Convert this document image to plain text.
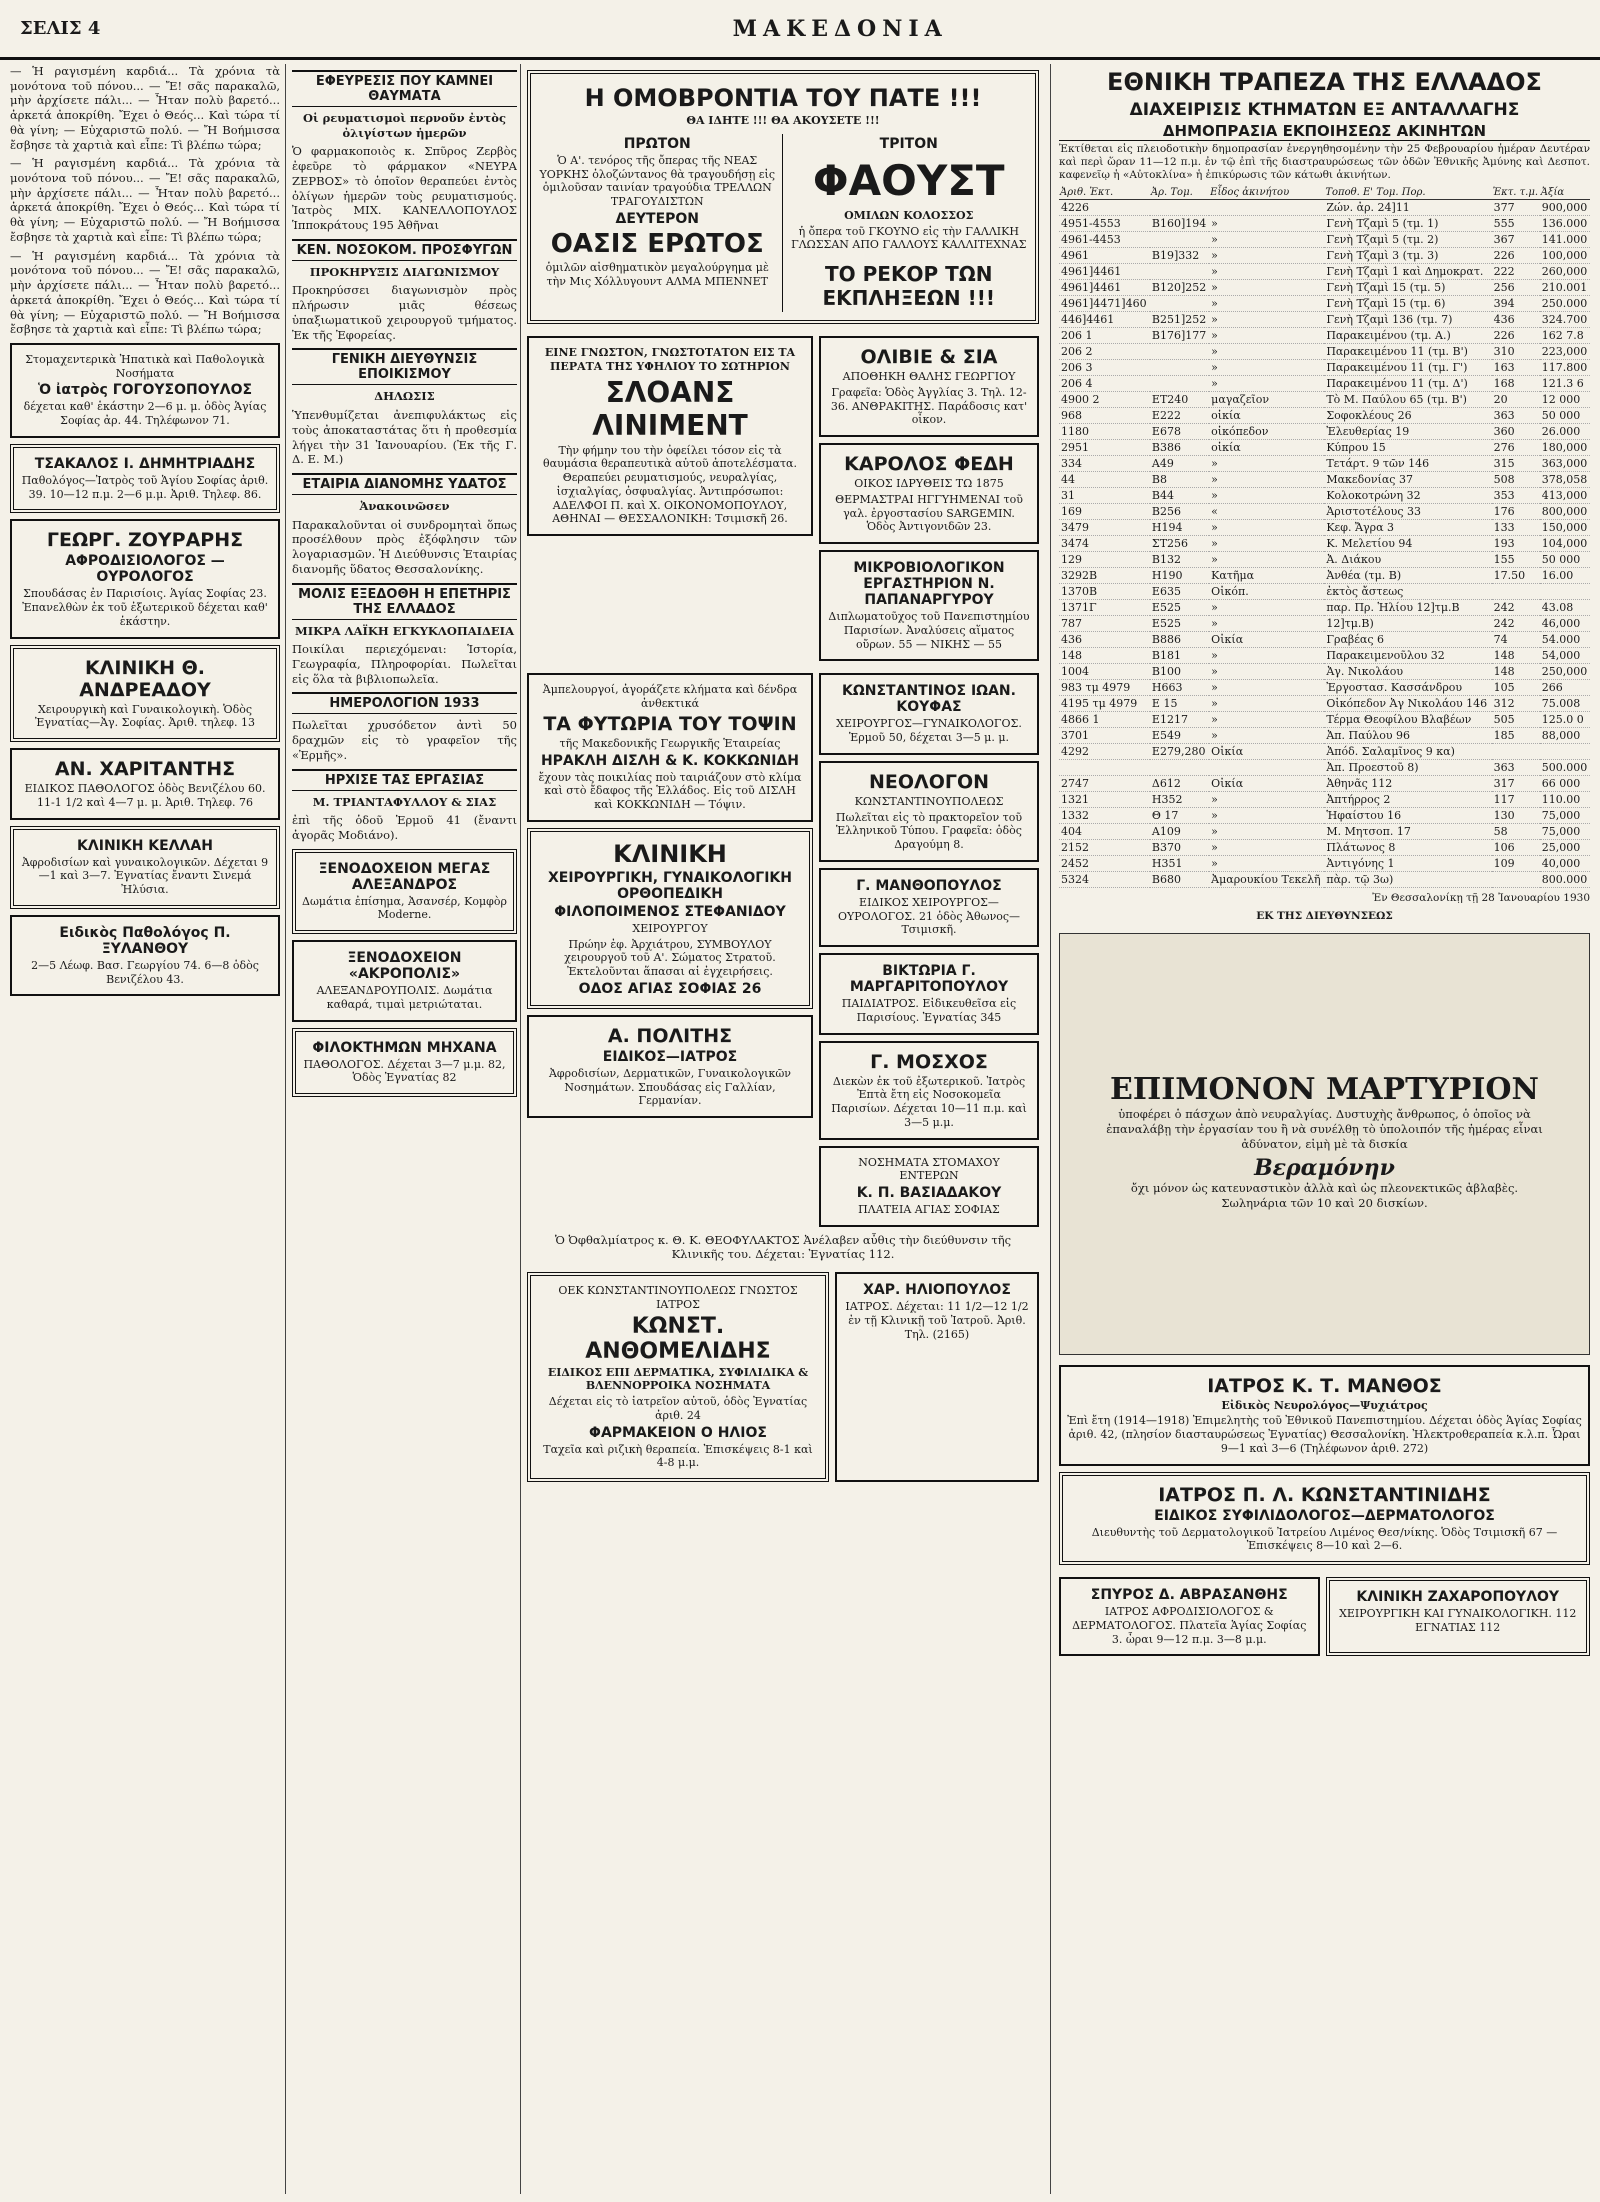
ΣΕΛΙΣ 4	ΜΑΚΕΔΟΝΙΑ

— Ἡ ραγισμένη καρδιά... Τὰ χρόνια τὰ μονότονα τοῦ πόνου... — Ἔ! σᾶς παρακαλῶ, μὴν ἀρχίσετε πάλι... — Ἦταν πολὺ βαρετό... ἀρκετά ἀποκρίθη. Ἔχει ὁ Θεός... Καὶ τώρα τί θὰ γίνη; — Εὐχαριστῶ πολύ. — Ἤ Βοήμισσα ἔσβησε τὰ χαρτιὰ καὶ εἶπε: Τὶ βλέπω τώρα;

— Ἡ ραγισμένη καρδιά... Τὰ χρόνια τὰ μονότονα τοῦ πόνου... — Ἔ! σᾶς παρακαλῶ, μὴν ἀρχίσετε πάλι... — Ἦταν πολὺ βαρετό... ἀρκετά ἀποκρίθη. Ἔχει ὁ Θεός... Καὶ τώρα τί θὰ γίνη; — Εὐχαριστῶ πολύ. — Ἤ Βοήμισσα ἔσβησε τὰ χαρτιὰ καὶ εἶπε: Τὶ βλέπω τώρα;

— Ἡ ραγισμένη καρδιά... Τὰ χρόνια τὰ μονότονα τοῦ πόνου... — Ἔ! σᾶς παρακαλῶ, μὴν ἀρχίσετε πάλι... — Ἦταν πολὺ βαρετό... ἀρκετά ἀποκρίθη. Ἔχει ὁ Θεός... Καὶ τώρα τί θὰ γίνη; — Εὐχαριστῶ πολύ. — Ἤ Βοήμισσα ἔσβησε τὰ χαρτιὰ καὶ εἶπε: Τὶ βλέπω τώρα;

Στομαχεντερικὰ Ἡπατικὰ καὶ Παθολογικὰ Νοσήματα

Ὁ ἰατρὸς ΓΟΓΟΥΣΟΠΟΥΛΟΣ

δέχεται καθ' ἑκάστην 2—6 μ. μ. ὁδὸς Ἁγίας Σοφίας ἀρ. 44. Τηλέφωνον 71.

ΤΣΑΚΑΛΟΣ Ι. ΔΗΜΗΤΡΙΑΔΗΣ

Παθολόγος—Ἰατρὸς τοῦ Ἁγίου Σοφίας ἀριθ. 39. 10—12 π.μ. 2—6 μ.μ. Ἀριθ. Τηλεφ. 86.

ΓΕΩΡΓ. ΖΟΥΡΑΡΗΣ
ΑΦΡΟΔΙΣΙΟΛΟΓΟΣ — ΟΥΡΟΛΟΓΟΣ

Σπουδάσας ἐν Παρισίοις. Ἁγίας Σοφίας 23. Ἐπανελθὼν ἐκ τοῦ ἐξωτερικοῦ δέχεται καθ' ἑκάστην.

ΚΛΙΝΙΚΗ Θ. ΑΝΔΡΕΑΔΟΥ

Χειρουργικὴ καὶ Γυναικολογικὴ. Ὁδὸς Ἐγνατίας—Ἀγ. Σοφίας. Ἀριθ. τηλεφ. 13

ΑΝ. ΧΑΡΙΤΑΝΤΗΣ

ΕΙΔΙΚΟΣ ΠΑΘΟΛΟΓΟΣ ὁδὸς Βενιζέλου 60. 11-1 1/2 καὶ 4—7 μ. μ. Ἀριθ. Τηλεφ. 76

ΚΛΙΝΙΚΗ ΚΕΛΛΑΗ

Ἀφροδισίων καὶ γυναικολογικῶν. Δέχεται 9—1 καὶ 3—7. Ἐγνατίας ἔναντι Σινεμά Ἠλύσια.

Ειδικὸς Παθολόγος Π. ΞΥΛΑΝΘΟΥ

2—5 Λέωφ. Βασ. Γεωργίου 74. 6—8 ὁδὸς Βενιζέλου 43.

ΕΦΕΥΡΕΣΙΣ ΠΟΥ ΚΑΜΝΕΙ ΘΑΥΜΑΤΑ

Οἱ ρευματισμοὶ περνοῦν ἐντὸς ὀλιγίστων ἡμερῶν

Ὁ φαρμακοποιὸς κ. Σπῦρος Ζερβὸς ἐφεῦρε τὸ φάρμακον «ΝΕΥΡΑ ΖΕΡΒΟΣ» τὸ ὁποῖον θεραπεύει ἐντὸς ὀλίγων ἡμερῶν τοὺς ρευματισμούς. Ἰατρὸς ΜΙΧ. ΚΑΝΕΛΛΟΠΟΥΛΟΣ Ἱπποκράτους 195 Ἀθῆναι

ΚΕΝ. ΝΟΣΟΚΟΜ. ΠΡΟΣΦΥΓΩΝ

ΠΡΟΚΗΡΥΞΙΣ ΔΙΑΓΩΝΙΣΜΟΥ

Προκηρύσσει διαγωνισμὸν πρὸς πλήρωσιν μιᾶς θέσεως ὑπαξιωματικοῦ χειρουργοῦ τμήματος. Ἐκ τῆς Ἐφορείας.

ΓΕΝΙΚΗ ΔΙΕΥΘΥΝΣΙΣ ΕΠΟΙΚΙΣΜΟΥ

ΔΗΛΩΣΙΣ

Ὑπενθυμίζεται ἀνεπιφυλάκτως εἰς τοὺς ἀποκαταστάτας ὅτι ἡ προθεσμία λήγει τὴν 31 Ἰανουαρίου. (Ἐκ τῆς Γ. Δ. Ε. Μ.)

ΕΤΑΙΡΙΑ ΔΙΑΝΟΜΗΣ ΥΔΑΤΟΣ

Ἀνακοινῶσεν

Παρακαλοῦνται οἱ συνδρομηταὶ ὅπως προσέλθουν πρὸς ἐξόφλησιν τῶν λογαριασμῶν. Ἡ Διεύθυνσις Ἑταιρίας διανομῆς ὕδατος Θεσσαλονίκης.

ΜΟΛΙΣ ΕΞΕΔΟΘΗ Η ΕΠΕΤΗΡΙΣ ΤΗΣ ΕΛΛΑΔΟΣ

ΜΙΚΡΑ ΛΑΪΚΗ ΕΓΚΥΚΛΟΠΑΙΔΕΙΑ

Ποικίλαι περιεχόμεναι: Ἱστορία, Γεωγραφία, Πληροφορίαι. Πωλεῖται εἰς ὅλα τὰ βιβλιοπωλεῖα.

ΗΜΕΡΟΛΟΓΙΟΝ 1933

Πωλεῖται χρυσόδετον ἀντὶ 50 δραχμῶν εἰς τὸ γραφεῖον τῆς «Ἐρμῆς».

ΗΡΧΙΣΕ ΤΑΣ ΕΡΓΑΣΙΑΣ

Μ. ΤΡΙΑΝΤΑΦΥΛΛΟΥ & ΣΙΑΣ

ἐπὶ τῆς ὁδοῦ Ἑρμοῦ 41 (ἔναντι ἀγορᾶς Μοδιάνο).

ΞΕΝΟΔΟΧΕΙΟΝ ΜΕΓΑΣ ΑΛΕΞΑΝΔΡΟΣ

Δωμάτια ἐπίσημα, Ἀσανσέρ, Κομφὸρ Moderne.

ΞΕΝΟΔΟΧΕΙΟΝ «ΑΚΡΟΠΟΛΙΣ»

ΑΛΕΞΑΝΔΡΟΥΠΟΛΙΣ. Δωμάτια καθαρά, τιμαὶ μετριώταται.

ΦΙΛΟΚΤΗΜΩΝ ΜΗΧΑΝΑ

ΠΑΘΟΛΟΓΟΣ. Δέχεται 3—7 μ.μ. 82, Ὁδὸς Ἐγνατίας 82

Η ΟΜΟΒΡΟΝΤΙΑ ΤΟΥ ΠΑΤΕ !!!

ΘΑ ΙΔΗΤΕ !!! ΘΑ ΑΚΟΥΣΕΤΕ !!!

ΠΡΩΤΟΝ

Ὁ Α'. τενόρος τῆς ὄπερας τῆς ΝΕΑΣ ΥΟΡΚΗΣ ὁλοζώντανος θὰ τραγουδήσῃ εἰς ὁμιλοῦσαν ταινίαν τραγούδια ΤΡΕΛΛΩΝ ΤΡΑΓΟΥΔΙΣΤΩΝ

ΔΕΥΤΕΡΟΝ
ΟΑΣΙΣ ΕΡΩΤΟΣ

ὁμιλῶν αἰσθηματικὸν μεγαλούργημα μὲ τὴν Μις Χόλλυγουντ ΑΛΜΑ ΜΠΕΝΝΕΤ

ΤΡΙΤΟΝ
ΦΑΟΥΣΤ

ΟΜΙΛΩΝ ΚΟΛΟΣΣΟΣ

ἡ ὄπερα τοῦ ΓΚΟΥΝΟ εἰς τὴν ΓΑΛΛΙΚΗ ΓΛΩΣΣΑΝ ΑΠΟ ΓΑΛΛΟΥΣ ΚΑΛΛΙΤΕΧΝΑΣ

ΤΟ ΡΕΚΟΡ ΤΩΝ ΕΚΠΛΗΞΕΩΝ !!!

ΕΙΝΕ ΓΝΩΣΤΟΝ, ΓΝΩΣΤΟΤΑΤΟΝ ΕΙΣ ΤΑ ΠΕΡΑΤΑ ΤΗΣ ΥΦΗΛΙΟΥ ΤΟ ΣΩΤΗΡΙΟΝ

ΣΛΟΑΝΣ ΛΙΝΙΜΕΝΤ

Τὴν φήμην του τὴν ὀφείλει τόσον εἰς τὰ θαυμάσια θεραπευτικὰ αὐτοῦ ἀποτελέσματα. Θεραπεύει ρευματισμούς, νευραλγίας, ἰσχιαλγίας, ὀσφυαλγίας. Ἀντιπρόσωποι: ΑΔΕΛΦΟΙ Π. καὶ Χ. ΟΙΚΟΝΟΜΟΠΟΥΛΟΥ, ΑΘΗΝΑΙ — ΘΕΣΣΑΛΟΝΙΚΗ: Τσιμισκῆ 26.

ΟΛΙΒΙΕ & ΣΙΑ

ΑΠΟΘΗΚΗ ΘΑΛΗΣ ΓΕΩΡΓΙΟΥ

Γραφεῖα: Ὁδὸς Ἀγγλίας 3. Τηλ. 12-36. ΑΝΘΡΑΚΙΤΗΣ. Παράδοσις κατ' οἶκον.

ΚΑΡΟΛΟΣ ΦΕΔΗ

ΟΙΚΟΣ ΙΔΡΥΘΕΙΣ ΤΩ 1875

ΘΕΡΜΑΣΤΡΑΙ ΗΓΓΥΗΜΕΝΑΙ τοῦ γαλ. ἐργοστασίου SARGEMIN. Ὁδὸς Ἀντιγονιδῶν 23.

ΜΙΚΡΟΒΙΟΛΟΓΙΚΟΝ ΕΡΓΑΣΤΗΡΙΟΝ Ν. ΠΑΠΑΝΑΡΓΥΡΟΥ

Διπλωματοῦχος τοῦ Πανεπιστημίου Παρισίων. Ἀναλύσεις αἵματος οὔρων. 55 — ΝΙΚΗΣ — 55

Ἀμπελουργοί, ἀγοράζετε κλήματα καὶ δένδρα ἀνθεκτικά

ΤΑ ΦΥΤΩΡΙΑ ΤΟΥ ΤΟΨΙΝ

τῆς Μακεδονικῆς Γεωργικῆς Ἑταιρείας

ΗΡΑΚΛΗ ΔΙΣΛΗ & Κ. ΚΟΚΚΩΝΙΔΗ

ἔχουν τὰς ποικιλίας ποὺ ταιριάζουν στὸ κλίμα καὶ στὸ ἔδαφος τῆς Ἑλλάδος. Εἰς τοῦ ΔΙΣΛΗ καὶ ΚΟΚΚΩΝΙΔΗ — Τόψιν.

ΚΛΙΝΙΚΗ
ΧΕΙΡΟΥΡΓΙΚΗ, ΓΥΝΑΙΚΟΛΟΓΙΚΗ ΟΡΘΟΠΕΔΙΚΗ
ΦΙΛΟΠΟΙΜΕΝΟΣ ΣΤΕΦΑΝΙΔΟΥ

ΧΕΙΡΟΥΡΓΟΥ

Πρώην ἐφ. Ἀρχιάτρου, ΣΥΜΒΟΥΛΟΥ χειρουργοῦ τοῦ Α'. Σώματος Στρατοῦ. Ἐκτελοῦνται ἅπασαι αἱ ἐγχειρήσεις.

ΟΔΟΣ ΑΓΙΑΣ ΣΟΦΙΑΣ 26
Α. ΠΟΛΙΤΗΣ
ΕΙΔΙΚΟΣ—ΙΑΤΡΟΣ

Ἀφροδισίων, Δερματικῶν, Γυναικολογικῶν Νοσημάτων. Σπουδάσας εἰς Γαλλίαν, Γερμανίαν.

ΚΩΝΣΤΑΝΤΙΝΟΣ ΙΩΑΝ. ΚΟΥΦΑΣ

ΧΕΙΡΟΥΡΓΟΣ—ΓΥΝΑΙΚΟΛΟΓΟΣ. Ἑρμοῦ 50, δέχεται 3—5 μ. μ.

ΝΕΟΛΟΓΟΝ

ΚΩΝΣΤΑΝΤΙΝΟΥΠΟΛΕΩΣ

Πωλεῖται εἰς τὸ πρακτορεῖον τοῦ Ἑλληνικοῦ Τύπου. Γραφεῖα: ὁδὸς Δραγούμη 8.

Γ. ΜΑΝΘΟΠΟΥΛΟΣ

ΕΙΔΙΚΟΣ ΧΕΙΡΟΥΡΓΟΣ—ΟΥΡΟΛΟΓΟΣ. 21 ὁδὸς Ἀθωνος—Τσιμισκῆ.

ΒΙΚΤΩΡΙΑ Γ. ΜΑΡΓΑΡΙΤΟΠΟΥΛΟΥ

ΠΑΙΔΙΑΤΡΟΣ. Εἰδικευθεῖσα εἰς Παρισίους. Ἐγνατίας 345

Γ. ΜΟΣΧΟΣ

Διεκὼν ἐκ τοῦ ἐξωτερικοῦ. Ἰατρὸς Ἐπτὰ ἔτη εἰς Νοσοκομεῖα Παρισίων. Δέχεται 10—11 π.μ. καὶ 3—5 μ.μ.

ΝΟΣΗΜΑΤΑ ΣΤΟΜΑΧΟΥ ΕΝΤΕΡΩΝ

Κ. Π. ΒΑΣΙΑΔΑΚΟΥ

ΠΛΑΤΕΙΑ ΑΓΙΑΣ ΣΟΦΙΑΣ

Ὁ Ὀφθαλμίατρος κ. Θ. Κ. ΘΕΟΦΥΛΑΚΤΟΣ Ἀνέλαβεν αὖθις τὴν διεύθυνσιν τῆς Κλινικῆς του. Δέχεται: Ἐγνατίας 112.

ΟΕΚ ΚΩΝΣΤΑΝΤΙΝΟΥΠΟΛΕΩΣ ΓΝΩΣΤΟΣ ΙΑΤΡΟΣ

ΚΩΝΣΤ. ΑΝΘΟΜΕΛΙΔΗΣ

ΕΙΔΙΚΟΣ ΕΠΙ ΔΕΡΜΑΤΙΚΑ, ΣΥΦΙΛΙΔΙΚΑ & ΒΛΕΝΝΟΡΡΟΙΚΑ ΝΟΣΗΜΑΤΑ

Δέχεται εἰς τὸ ἰατρεῖον αὐτοῦ, ὁδὸς Ἐγνατίας ἀριθ. 24

ΦΑΡΜΑΚΕΙΟΝ Ο ΗΛΙΟΣ

Ταχεῖα καὶ ριζικὴ θεραπεία. Ἐπισκέψεις 8-1 καὶ 4-8 μ.μ.

ΧΑΡ. ΗΛΙΟΠΟΥΛΟΣ

ΙΑΤΡΟΣ. Δέχεται: 11 1/2—12 1/2 ἐν τῇ Κλινικῇ τοῦ Ἰατροῦ. Ἀριθ. Τηλ. (2165)

ΕΘΝΙΚΗ ΤΡΑΠΕΖΑ ΤΗΣ ΕΛΛΑΔΟΣ
ΔΙΑΧΕΙΡΙΣΙΣ ΚΤΗΜΑΤΩΝ ΕΞ ΑΝΤΑΛΛΑΓΗΣ
ΔΗΜΟΠΡΑΣΙΑ ΕΚΠΟΙΗΣΕΩΣ ΑΚΙΝΗΤΩΝ

Ἐκτίθεται εἰς πλειοδοτικὴν δημοπρασίαν ἐνεργηθησομένην τὴν 25 Φεβρουαρίου ἡμέραν Δευτέραν καὶ περὶ ὥραν 11—12 π.μ. ἐν τῷ ἐπὶ τῆς διαστραυρώσεως τῶν ὁδῶν Ἐθνικῆς Ἀμύνης καὶ Δεσποτ. καφενεῖῳ ἡ «Αὐτοκλίνα» ἡ ἐπικύρωσις τῶν κάτωθι ἀκινήτων.

Ἀριθ. Ἐκτ.	Ἀρ. Τομ.	Εἶδος ἀκινήτου	Τοποθ. Ε' Τομ. Πορ.	Ἐκτ. τ.μ.	Ἀξία
4226			Ζών. ἀρ. 24]11	377	900,000
4951-4553	Β160]194	»	Γενὴ Τζαμὶ 5 (τμ. 1)	555	136.000
4961-4453		»	Γενὴ Τζαμὶ 5 (τμ. 2)	367	141.000
4961	Β19]332	»	Γενὴ Τζαμὶ 3 (τμ. 3)	226	100,000
4961]4461		»	Γενὴ Τζαμὶ 1 καὶ Δημοκρατ.	222	260,000
4961]4461	Β120]252	»	Γενὴ Τζαμὶ 15 (τμ. 5)	256	210.001
4961]4471]460		»	Γενὴ Τζαμὶ 15 (τμ. 6)	394	250.000
446]4461	Β251]252	»	Γενὴ Τζαμὶ 136 (τμ. 7)	436	324.700
206 1	Β176]177	»	Παρακειμένου (τμ. Α.)	226	162 7.8
206 2		»	Παρακειμένου 11 (τμ. Β')	310	223,000
206 3		»	Παρακειμένου 11 (τμ. Γ')	163	117.800
206 4		»	Παρακειμένου 11 (τμ. Δ')	168	121.3 6
4900 2	ΕΤ240	μαγαζεῖον	Τὸ Μ. Παύλου 65 (τμ. Β')	20	12 000
968	Ε222	οἰκία	Σοφοκλέους 26	363	50 000
1180	Ε678	οἰκόπεδον	Ἐλευθερίας 19	360	26.000
2951	Β386	οἰκία	Κύπρου 15	276	180,000
334	Α49	»	Τετάρτ. 9 τῶν 146	315	363,000
44	Β8	»	Μακεδονίας 37	508	378,058
31	Β44	»	Κολοκοτρώνη 32	353	413,000
169	Β256	«	Ἀριστοτέλους 33	176	800,000
3479	Η194	»	Κεφ. Ἄγρα 3	133	150,000
3474	ΣΤ256	»	Κ. Μελετίου 94	193	104,000
129	Β132	»	Ἀ. Διάκου	155	50 000
3292Β	Η190	Κατῆμα	Ἀνθέα (τμ. Β)	17.50	16.00
1370Β	Ε635	Οἰκόπ.	ἐκτὸς ἄστεως		
1371Γ	Ε525	»	παρ. Πρ. Ἡλίου 12]τμ.Β	242	43.08
787	Ε525	»	12]τμ.Β)	242	46,000
436	Β886	Οἰκία	Γραβέας 6	74	54.000
148	Β181	»	Παρακειμενοῦλου 32	148	54,000
1004	Β100	»	Ἀγ. Νικολάου	148	250,000
983 τμ 4979	Η663	»	Ἐργοστασ. Κασσάνδρου	105	266
4195 τμ 4979	Ε 15	»	Οἰκόπεδον Ἀγ Νικολάου 146	312	75.008
4866 1	Ε1217	»	Τέρμα Θεοφίλου Βλαβέων	505	125.0 0
3701	Ε549	»	Ἀπ. Παύλου 96	185	88,000
4292	Ε279,280	Οἰκία	Ἀπόδ. Σαλαμῖνος 9 κα)		
			Ἀπ. Προεστοῦ 8)	363	500.000
2747	Δ612	Οἰκία	Ἀθηνᾶς 112	317	66 000
1321	Η352	»	Ἀπτήρρος 2	117	110.00
1332	Θ 17	»	Ἡφαίστου 16	130	75,000
404	Α109	»	Μ. Μητσοπ. 17	58	75,000
2152	Β370	»	Πλάτωνος 8	106	25,000
2452	Η351	»	Ἀντιγόνης 1	109	40,000
5324	Β680	Ἀμαρουκίου Τεκελῆ	πὰρ. τῷ 3ω)		800.000

Ἐν Θεσσαλονίκῃ τῇ 28 Ἰανουαρίου 1930

ΕΚ ΤΗΣ ΔΙΕΥΘΥΝΣΕΩΣ

ΕΠΙΜΟΝΟΝ ΜΑΡΤΥΡΙΟΝ

ὑποφέρει ὁ πάσχων ἀπὸ νευραλγίας. Δυστυχὴς ἄνθρωπος, ὁ ὁποῖος νὰ ἐπαναλάβῃ τὴν ἐργασίαν του ἢ νὰ συνέλθῃ τὸ ὑπολοιπόν τῆς ἡμέρας εἶναι ἀδύνατον, εἰμὴ μὲ τὰ δισκία

Βεραμόνην

ὄχι μόνον ὡς κατευναστικὸν ἀλλὰ καὶ ὡς πλεονεκτικῶς ἀβλαβὲς. Σωληνάρια τῶν 10 καὶ 20 δισκίων.

ΙΑΤΡΟΣ Κ. Τ. ΜΑΝΘΟΣ

Εἰδικὸς Νευρολόγος—Ψυχιάτρος

Ἐπὶ ἔτη (1914—1918) Ἐπιμελητὴς τοῦ Ἐθνικοῦ Πανεπιστημίου. Δέχεται ὁδὸς Ἁγίας Σοφίας ἀριθ. 42, (πλησίον διασταυρώσεως Ἐγνατίας) Θεσσαλονίκη. Ἠλεκτροθεραπεία κ.λ.π. Ὧραι 9—1 καὶ 3—6 (Τηλέφωνον ἀριθ. 272)

ΙΑΤΡΟΣ Π. Λ. ΚΩΝΣΤΑΝΤΙΝΙΔΗΣ
ΕΙΔΙΚΟΣ ΣΥΦΙΛΙΔΟΛΟΓΟΣ—ΔΕΡΜΑΤΟΛΟΓΟΣ

Διευθυντὴς τοῦ Δερματολογικοῦ Ἰατρείου Λιμένος Θεσ/νίκης. Ὁδὸς Τσιμισκῆ 67 — Ἐπισκέψεις 8—10 καὶ 2—6.

ΣΠΥΡΟΣ Δ. ΑΒΡΑΣΑΝΘΗΣ

ΙΑΤΡΟΣ ΑΦΡΟΔΙΣΙΟΛΟΓΟΣ & ΔΕΡΜΑΤΟΛΟΓΟΣ. Πλατεῖα Ἁγίας Σοφίας 3. ὧραι 9—12 π.μ. 3—8 μ.μ.

ΚΛΙΝΙΚΗ ΖΑΧΑΡΟΠΟΥΛΟΥ

ΧΕΙΡΟΥΡΓΙΚΗ ΚΑΙ ΓΥΝΑΙΚΟΛΟΓΙΚΗ. 112 ΕΓΝΑΤΙΑΣ 112
